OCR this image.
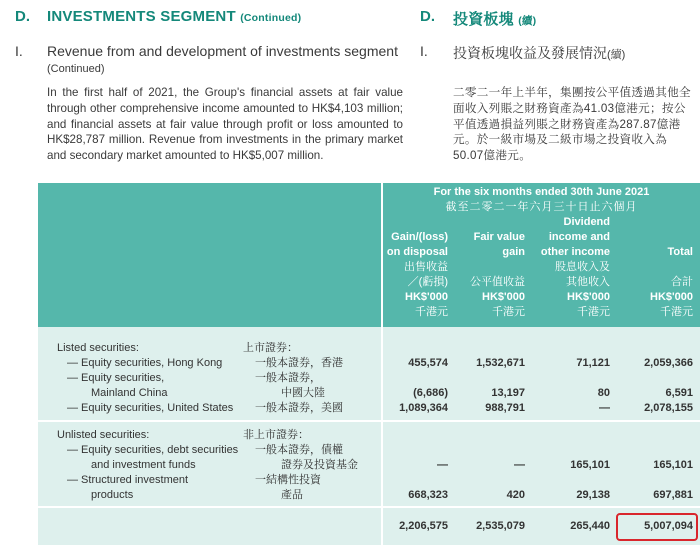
D. INVESTMENTS SEGMENT (Continued)	D. 投資板塊 (續)
I. Revenue from and development of investments segment
(Continued)
I. 投資板塊收益及發展情況(續)
In the first half of 2021, the Group's financial assets at fair value through other comprehensive income amounted to HK$4,103 million; and financial assets at fair value through profit or loss amounted to HK$28,787 million. Revenue from investments in the primary market and secondary market amounted to HK$5,007 million.
二零二一年上半年，集團按公平值透過其他全面收入列賬之財務資產為41.03億港元；按公平值透過損益列賬之財務資產為287.87億港元。於一級市場及二級市場之投資收入為50.07億港元。
For the six months ended 30th June 2021
截至二零二一年六月三十日止六個月
Gain/(loss)
on disposal
出售收益
／(虧損)
HK$'000
千港元
Fair value
gain
公平值收益
HK$'000
千港元
Dividend
income and
other income
股息收入及
其他收入
HK$'000
千港元
Total
合計
HK$'000
千港元
Listed securities:	上市證券：
— Equity securities, Hong Kong	一般本證券，香港	455,574	1,532,671	71,121	2,059,366
— Equity securities,
Mainland China
一般本證券，
中國大陸	(6,686)	13,197	80	6,591
— Equity securities, United States 一般本證券，美國	1,089,364	988,791	—	2,078,155
Unlisted securities:	非上市證券：
— Equity securities, debt securities
and investment funds
一般本證券，債權
證券及投資基金	—	—	165,101	165,101
— Structured investment
products
一結構性投資
產品	668,323	420	29,138	697,881
2,206,575	2,535,079	265,440	5,007,094
